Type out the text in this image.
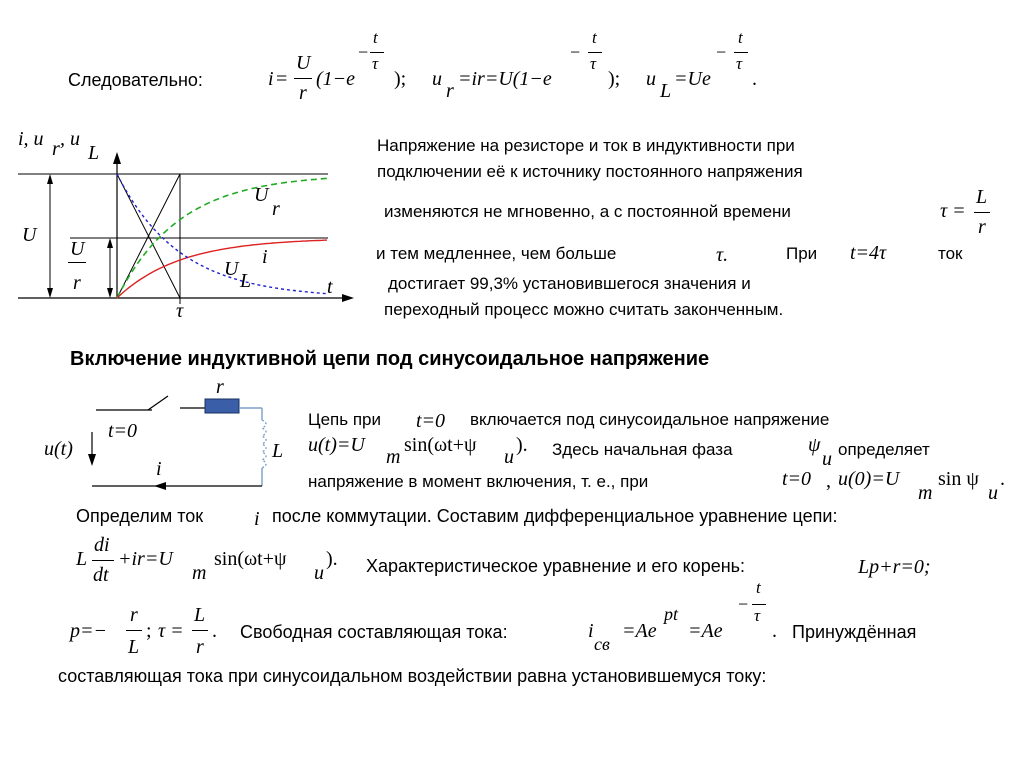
Следовательно:	i =
U
r
(1−e
−
t
τ
); u
r
=ir=U(1−e
−
t
τ
); u
L
=Ue
−
t
τ
.
i, u r , u
L
U
U
r
U
r
i
U
L	t
τ
Напряжение на резисторе и ток в индуктивности при
подключении её к источнику постоянного напряжения
изменяются не мгновенно, а с постоянной времени	τ =
L
r
и тем медленнее, чем больше	τ.	При t=4τ	ток
достигает 99,3% установившегося значения и
переходный процесс можно считать законченным.
Включение индуктивной цепи под синусоидальное напряжение
r
t=0
u(t)	L
i
Цепь при t=0 включается под синусоидальное напряжение
u(t)=U
m
sin(ωt+ψ
u
). Здесь начальная фаза	ψ
u определяет
напряжение в момент включения, т. е., при	t=0 , u(0)=U
m
sin ψ
u
.
Определим ток	i после коммутации. Составим дифференциальное уравнение цепи:
L
di
dt
+ir=U
m
sin(ωt+ψ
u
). Характеристическое уравнение и его корень:	Lp+r=0;
p=−
r
L
; τ =
L
r
. Свободная составляющая тока:	i
св
=Ae
pt
=Ae
−
t
τ
. Принуждённая
составляющая тока при синусоидальном воздействии равна установившемуся току:
